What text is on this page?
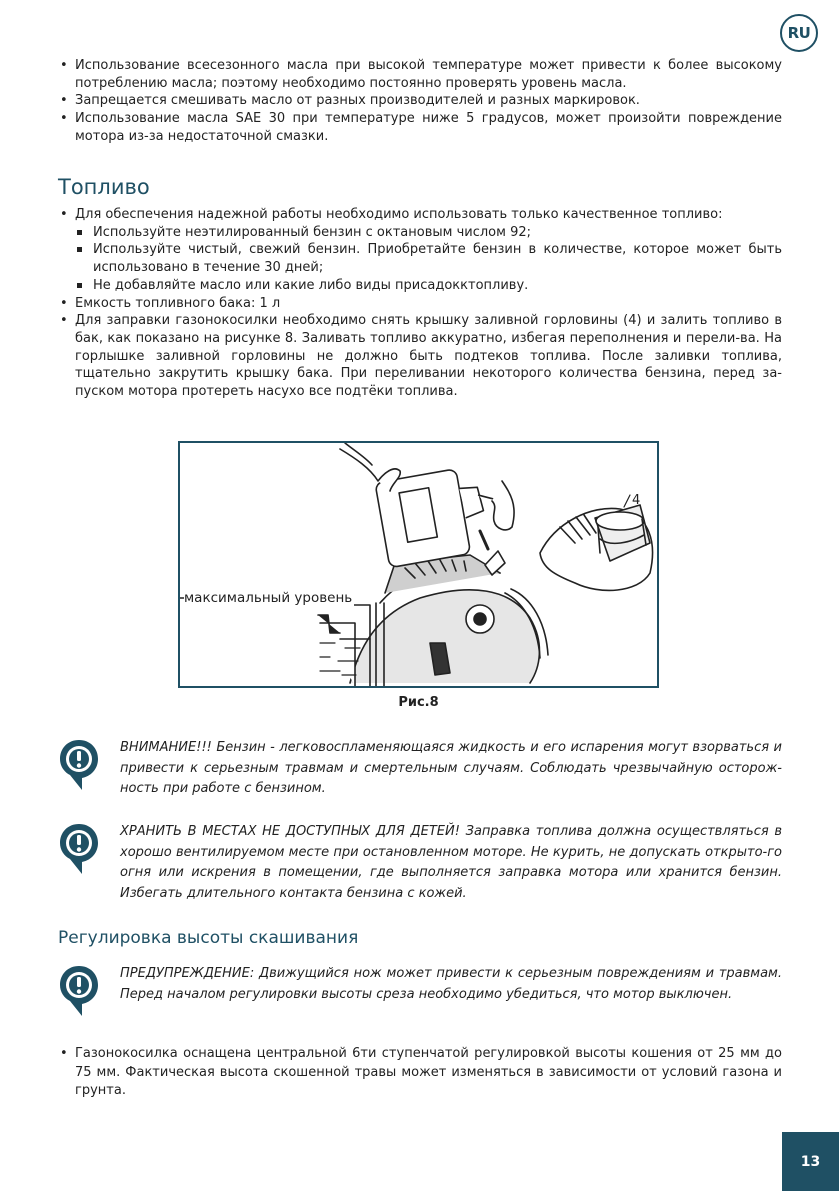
RU
• Использование всесезонного масла при высокой температуре может привести к более высокому потреблению масла; поэтому необходимо постоянно проверять уровень масла.
• Запрещается смешивать масло от разных производителей и разных маркировок.
• Использование масла SAE 30 при температуре ниже 5 градусов, может произойти повреждение мотора из-за недостаточной смазки.
Топливо
• Для обеспечения надежной работы необходимо использовать только качественное топливо:
Используйте неэтилированный бензин с октановым числом 92;
Используйте чистый, свежий бензин. Приобретайте бензин в количестве, которое может быть использовано в течение 30 дней;
Не добавляйте масло или какие либо виды присадокктопливу.
• Емкость топливного бака: 1 л
• Для заправки газонокосилки необходимо снять крышку заливной горловины (4) и залить топливо в бак, как показано на рисунке 8. Заливать топливо аккуратно, избегая переполнения и перели-ва. На горлышке заливной горловины не должно быть подтеков топлива. После заливки топлива, тщательно закрутить крышку бака. При переливании некоторого количества бензина, перед за-пуском мотора протереть насухо все подтёки топлива.
максимальный уровень
4
Рис.8
ВНИМАНИЕ!!! Бензин - легковоспламеняющаяся жидкость и его испарения могут взорваться и привести к серьезным травмам и смертельным случаям. Соблюдать чрезвычайную осторож-ность при работе с бензином.
ХРАНИТЬ В МЕСТАХ НЕ ДОСТУПНЫХ ДЛЯ ДЕТЕЙ! Заправка топлива должна осуществляться в хорошо вентилируемом месте при остановленном моторе. Не курить, не допускать открыто-го огня или искрения в помещении, где выполняется заправка мотора или хранится бензин. Избегать длительного контакта бензина с кожей.
Регулировка высоты скашивания
ПРЕДУПРЕЖДЕНИЕ: Движущийся нож может привести к серьезным повреждениям и травмам. Перед началом регулировки высоты среза необходимо убедиться, что мотор выключен.
• Газонокосилка оснащена центральной 6ти ступенчатой регулировкой высоты кошения от 25 мм до 75 мм. Фактическая высота скошенной травы может изменяться в зависимости от условий газона и грунта.
13
